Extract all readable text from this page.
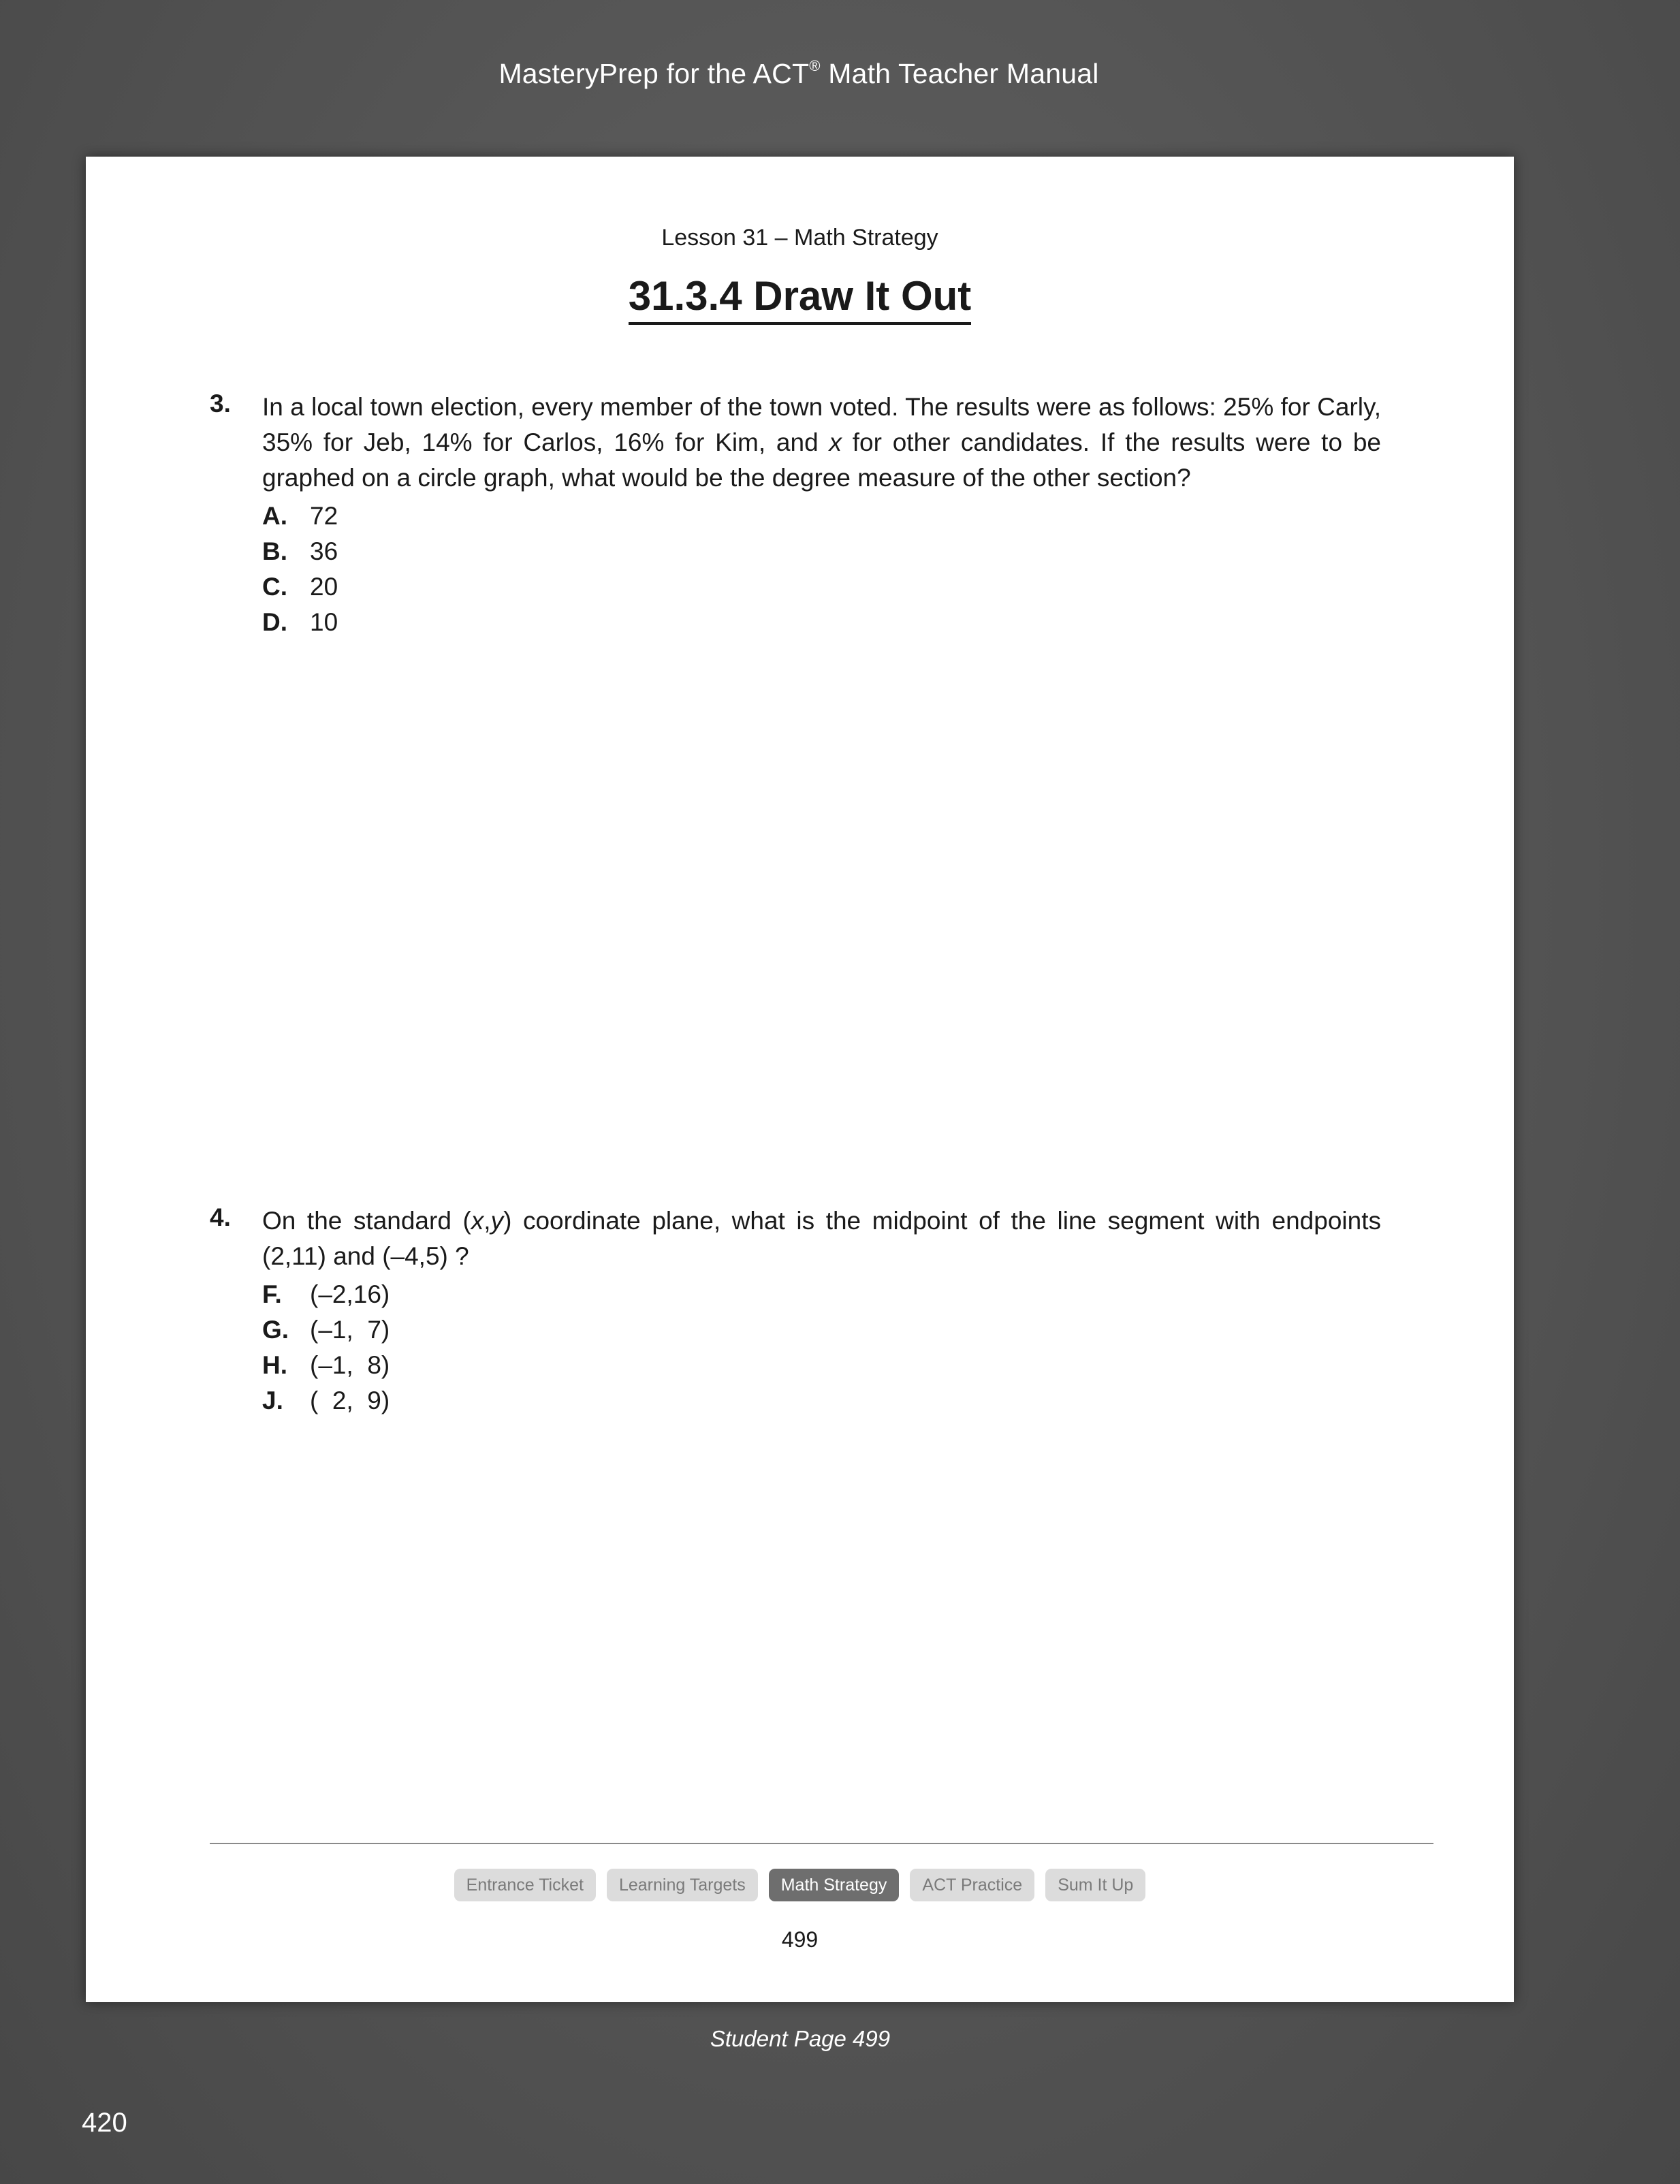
MasteryPrep for the ACT® Math Teacher Manual
Lesson 31 – Math Strategy
31.3.4 Draw It Out
3. In a local town election, every member of the town voted. The results were as follows: 25% for Carly, 35% for Jeb, 14% for Carlos, 16% for Kim, and x for other candidates. If the results were to be graphed on a circle graph, what would be the degree measure of the other section?
A. 72
B. 36
C. 20
D. 10
4. On the standard (x,y) coordinate plane, what is the midpoint of the line segment with endpoints (2,11) and (–4,5) ?
F.	(–2,16)
G. (–1,  7)
H. (–1,  8)
J.	(  2,  9)
Entrance Ticket	Learning Targets	Math Strategy	ACT Practice	Sum It Up
499
Student Page 499
420
